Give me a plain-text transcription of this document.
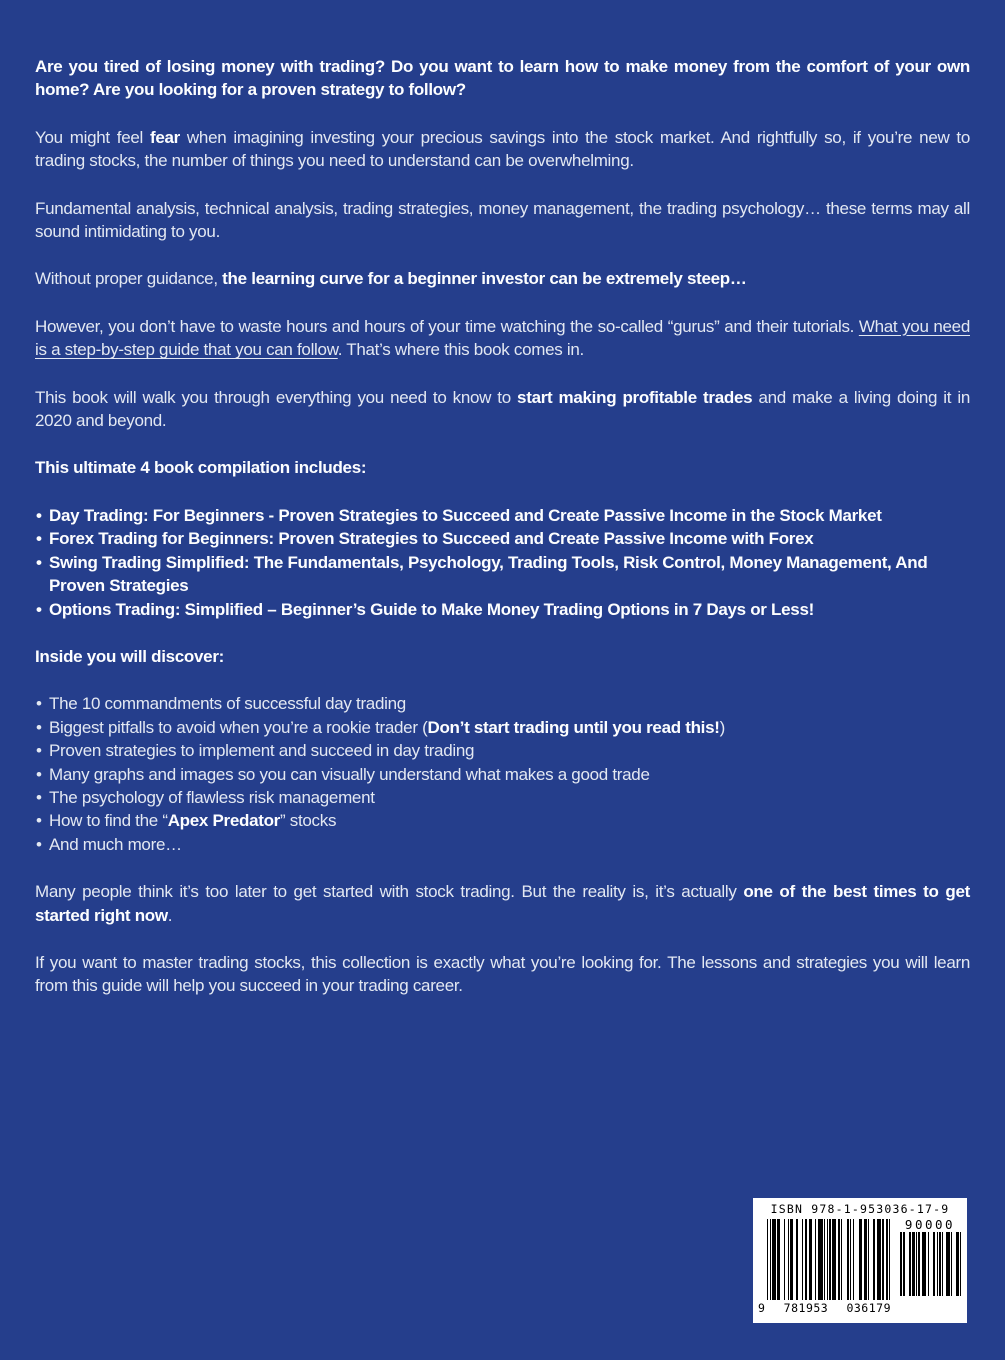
Are you tired of losing money with trading? Do you want to learn how to make money from the comfort of your own home? Are you looking for a proven strategy to follow?

You might feel fear when imagining investing your precious savings into the stock market. And rightfully so, if you’re new to trading stocks, the number of things you need to understand can be overwhelming.

Fundamental analysis, technical analysis, trading strategies, money management, the trading psychology… these terms may all sound intimidating to you.

Without proper guidance, the learning curve for a beginner investor can be extremely steep…

However, you don’t have to waste hours and hours of your time watching the so-called “gurus” and their tutorials. What you need is a step-by-step guide that you can follow. That’s where this book comes in.

This book will walk you through everything you need to know to start making profitable trades and make a living doing it in 2020 and beyond.

This ultimate 4 book compilation includes:

• Day Trading: For Beginners - Proven Strategies to Succeed and Create Passive Income in the Stock Market
• Forex Trading for Beginners: Proven Strategies to Succeed and Create Passive Income with Forex
• Swing Trading Simplified: The Fundamentals, Psychology, Trading Tools, Risk Control, Money Management, And Proven Strategies
• Options Trading: Simplified – Beginner’s Guide to Make Money Trading Options in 7 Days or Less!

Inside you will discover:

• The 10 commandments of successful day trading
• Biggest pitfalls to avoid when you’re a rookie trader (Don’t start trading until you read this!)
• Proven strategies to implement and succeed in day trading
• Many graphs and images so you can visually understand what makes a good trade
• The psychology of flawless risk management
• How to find the “Apex Predator” stocks
• And much more…

Many people think it’s too later to get started with stock trading. But the reality is, it’s actually one of the best times to get started right now.

If you want to master trading stocks, this collection is exactly what you’re looking for. The lessons and strategies you will learn from this guide will help you succeed in your trading career.

ISBN 978-1-953036-17-9
90000
9 781953 036179
